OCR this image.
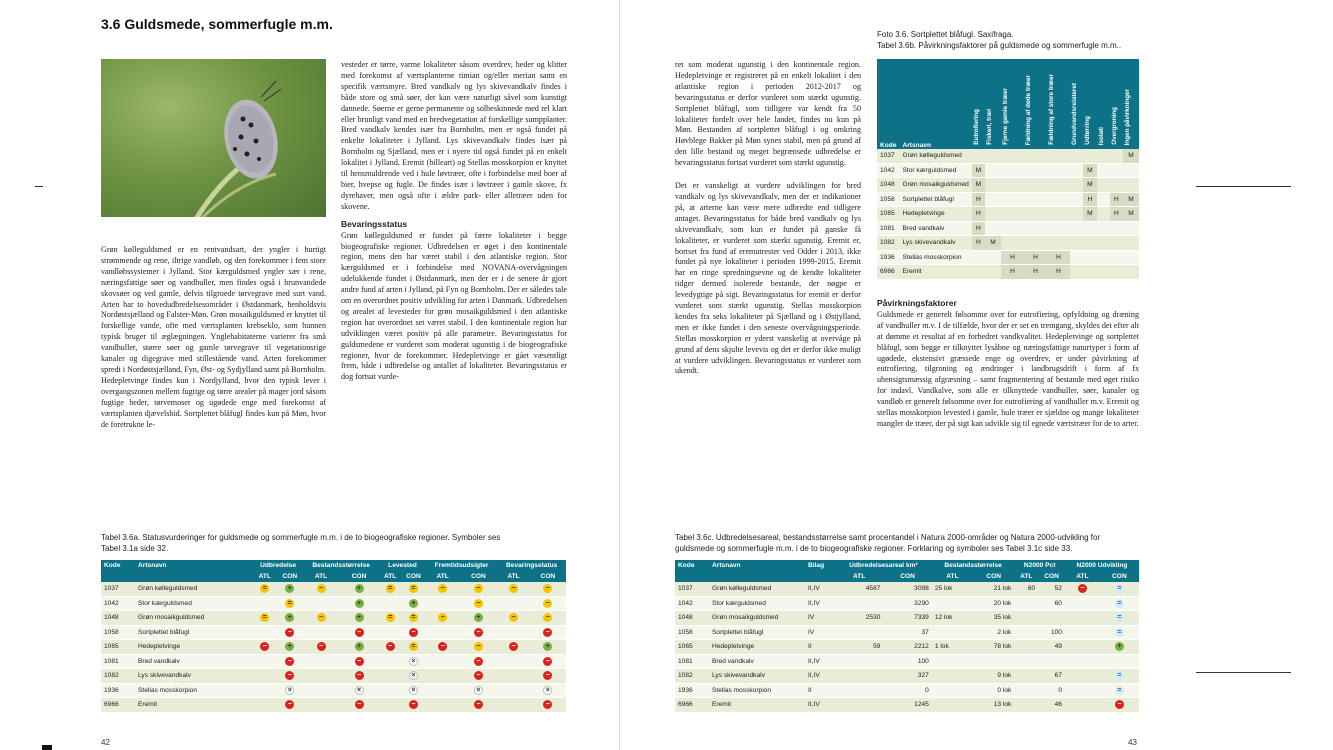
3.6 Guldsmede, sommerfugle m.m.

Grøn kølleguldsmed er en rentvandsart, der yngler i hurtigt strømmende og rene, iltrige vandløb, og den forekommer i fem store vandløbssystemer i Jylland. Stor kærguldsmed yngler sær i rene, næringsfattige søer og vandhuller, men findes også i brunvandede skovsøer og ved gamle, delvis tilgroede tørvegrave med surt vand. Arten har to hovedudbredelsesområder i Østdanmark, henholdsvis Nordøstsjælland og Falster-Møn. Grøn mosaikguldsmed er knyttet til forskellige vande, ofte med værtsplanten krebseklo, som hunnen typisk bruger til æglægningen. Ynglehabitaterne varierer fra små vandhuller, større søer og gamle tørvegrave til vegetationsrige kanaler og digegrave med stillestående vand. Arten forekommer spredt i Nordøstsjælland, Fyn, Øst- og Sydjylland samt på Bornholm. Hedepletvinge findes kun i Nordjylland, hvor den typisk lever i overgangszonen mellem fugtige og tørre arealer på mager jord såsom fugtige heder, tørvemoser og ugødede enge med forekomst af værtsplanten djævelsbid. Sortplettet blåfugl findes kun på Møn, hvor de foretrukne le-

vesteder er tørre, varme lokaliteter såsom overdrev, heder og klitter med forekomst af værtsplanterne timian og/eller merian samt en specifik værtsmyre. Bred vandkalv og lys skivevandkalv findes i både store og små søer, der kan være naturligt såvel som kunstigt dannede. Søerne er gerne permanente og solbeskinnede med rel klart eller brunligt vand med en bredvegetation af forskellige sumpplanter. Bred vandkalv kendes især fra Bornholm, men er også fundet på enkelte lokaliteter i Jylland. Lys skivevandkalv findes især på Bornholm og Sjælland, men er i nyere tid også fundet på en enkelt lokalitet i Jylland. Eremit (billeart) og Stellas mosskorpion er knyttet til hensmuldrende ved i hule løvtræer, ofte i forbindelse med boer af bier, hvepse og fugle. De findes især i løvtræer i gamle skove, fx dyrehaver, men også ofte i ældre park- eller alletræer uden for skovene.

Bevaringsstatus

Grøn kølleguldsmed er fundet på færre lokaliteter i begge biogeografiske regioner. Udbredelsen er øget i den kontinentale region, mens den har været stabil i den atlantiske region. Stor kærguldsmed er i forbindelse med NOVANA-overvågningen udelukkende fundet i Østdanmark, men der er i de senere år gjort andre fund af arten i Jylland, på Fyn og Bornholm. Der er således tale om en overordnet positiv udvikling for arten i Danmark. Udbredelsen og arealet af levesteder for grøn mosaikguldsmed i den atlantiske region har overordnet set været stabil. I den kontinentale region har udviklingen været positiv på alle parametre. Bevaringsstatus for guldsmedene er vurderet som moderat ugunstig i de biogeografiske regioner, hvor de forekommer. Hedepletvinge er gået væsentligt frem, både i udbredelse og antallet af lokaliteter. Bevaringsstatus er dog fortsat vurde-

Tabel 3.6a. Statusvurderinger for guldsmede og sommerfugle m.m. i de to biogeografiske regioner. Symboler ses Tabel 3.1a side 32.
Kode	Artsnavn	Udbredelse		Bestandsstørrelse		Levested		Fremtidsudsigter		Bevaringsstatus	
		ATL	CON	ATL	CON	ATL	CON	ATL	CON	ATL	CON
1037	Grøn kølleguldsmed	=	+	−	+	=	=	−	−	−	−
1042	Stor kærguldsmed		=		+		+		−		−
1048	Grøn mosaikguldsmed	=	+	−	+	=	=	−	+	−	−
1058	Sortplettet blåfugl		−		−		−		−		−
1065	Hedepletvinge	−	+	−	+	−	=	−	−	−	+
1081	Bred vandkalv		−		−		×		−		−
1082	Lys skivevandkalv		−		−		×		−		−
1936	Stellas mosskorpion		×		×		×		×		×
6966	Eremit		−		−		−		−		−
42

ret som moderat ugunstig i den kontinentale region. Hedepletvinge er registreret på en enkelt lokalitet i den atlantiske region i perioden 2012-2017 og bevaringsstatus er derfor vurderet som stærkt ugunstig. Sortplettet blåfugl, som tidligere var kendt fra 50 lokaliteter fordelt over hele landet, findes nu kun på Møn. Bestanden af sortplettet blåfugl i og omkring Høvblege Bakker på Møn synes stabil, men på grund af den lille bestand og meget begrænsede udbredelse er bevaringsstatus fortsat vurderet som stærkt ugunstig.

Det er vanskeligt at vurdere udviklingen for bred vandkalv og lys skivevandkalv, men der er indikationer på, at arterne kan være mere udbredte end tidligere antaget. Bevaringsstatus for både bred vandkalv og lys skivevandkalv, som kun er fundet på ganske få lokaliteter, er vurderet som stærkt ugunstig. Eremit er, bortset fra fund af eremutrester ved Odder i 2013, ikke fundet på nye lokaliteter i perioden 1999-2015. Eremit har en ringe spredningsevne og de kendte lokaliteter tidger dermed isolerede bestande, der nøgpe er levedygtige på sigt. Bevaringsstatus for eremit er derfor vurderet som stærkt ugunstig. Stellas mosskorpion kendes fra seks lokaliteter på Sjælland og i Østjylland, men er ikke fundet i den seneste overvågningsperiode. Stellas mosskorpion er yderst vanskelig at overvåge på grund af dens skjulte levevis og det er derfor ikke muligt at vurdere udviklingen. Bevaringsstatus er vurderet som ukendt.

Foto 3.6. Sortplettet blåfugl. Saxifraga.
Tabel 3.6b. Påvirkningsfaktorer på guldsmede og sommerfugle m.m..
Kode	Artsnavn	Eutrofiering	Fiskeri, træl	Fjerne gamle træer	Fældning af døde træer	Fældning af store træer	Grundvandsrelateret	Udtørring	Isolati	Overgroning	Ingen påvirkninger
1037	Grøn kølleguldsmed										M
1042	Stor kærguldsmed	M						M			
1048	Grøn mosaikguldsmed	M						M			
1058	Sortplettet blåfugl	H						H		H	M
1065	Hedepletvinge	H						M		H	M
1081	Bred vandkalv	H									
1082	Lys skivevandkalv	H	M								
1936	Stellas mosskorpion			H	H	H					
6966	Eremit			H	H	H					
Påvirkningsfaktorer

Guldsmede er generelt følsomme over for eutrofiering, opfyldning og dræning af vandhuller m.v. I de tilfælde, hvor der er set en tremgang, skyldes det efter alt at dømme et resultat af en forbedret vandkvalitet. Hedepletvinge og sortplettet blåfugl, som begge er tilknyttet lysåbne og næringsfattige naturtyper i form af ugødede, ekstensivt græssede enge og overdrev, er under påvirkning af eutrofiering, tilgroning og ændringer i landbrugsdrift i form af fx uhensigtsmæssig afgræsning – samt fragmentering af bestande med øget risiko for indavl. Vandkalve, som alle er tilknyttede vandhuller, søer, kanaler og vandløb er generelt følsomme over for eutrofiering af vandhuller m.v. Eremit og stellas mosskorpion levested i gamle, hule træer er sjældne og mange lokaliteter mangler de træer, der på sigt kan udvikle sig til egnede værtstræer for de to arter.

Tabel 3.6c. Udbredelsesareal, bestandsstørrelse samt procentandel i Natura 2000-områder og Natura 2000-udvikling for guldsmede og sommerfugle m.m. i de to biogeografiske regioner. Forklaring og symboler ses Tabel 3.1c side 33.
Kode	Artsnavn	Bilag	Udbredelsesareal km²		Bestandsstørrelse		N2000 Pct		N2000 Udvikling	
			ATL	CON	ATL	CON	ATL	CON	ATL	CON
1037	Grøn kølleguldsmed	II,IV	4587	3098	25 lok	21 lok	60	52	−	=
1042	Stor kærguldsmed	II,IV		3290		20 lok		60		=
1048	Grøn mosaikguldsmed	IV	2530	7339	12 lok	35 lok				=
1058	Sortplettet blåfugl	IV		37		2 lok		100		=
1065	Hedepletvinge	II	59	2212	1 lok	78 lok		49		+
1081	Bred vandkalv	II,IV		100						
1082	Lys skivevandkalv	II,IV		327		9 lok		67		=
1936	Stellas mosskorpion	II		0		0 lok		0		=
6966	Eremit	II,IV		1245		13 lok		46		−
43
